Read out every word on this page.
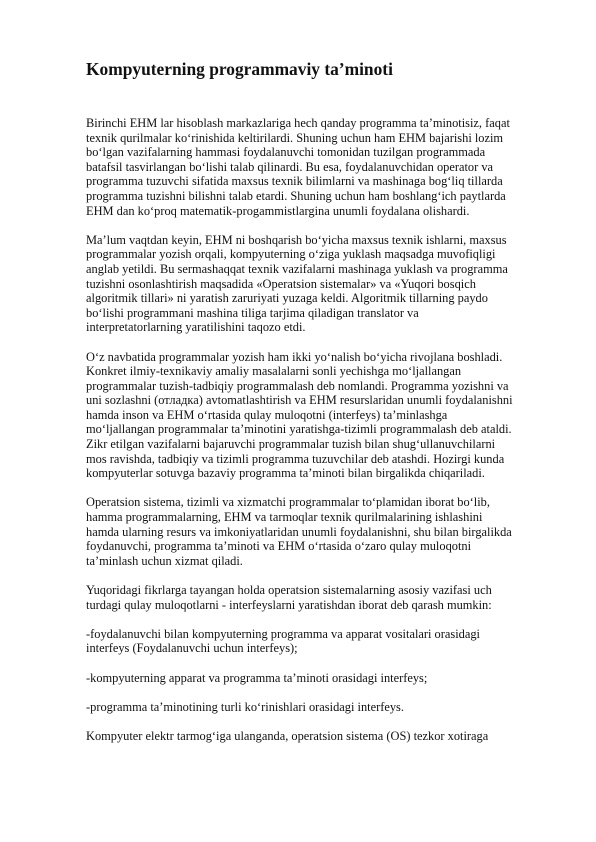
Kompyuterning programmaviy ta’minoti
Birinchi EHM lar hisoblash markazlariga hech qanday programma ta’minotisiz, faqat
texnik qurilmalar ko‘rinishida keltirilardi. Shuning uchun ham EHM bajarishi lozim
bo‘lgan vazifalarning hammasi foydalanuvchi tomonidan tuzilgan programmada
batafsil tasvirlangan bo‘lishi talab qilinardi. Bu esa, foydalanuvchidan operator va
programma tuzuvchi sifatida maxsus texnik bilimlarni va mashinaga bog‘liq tillarda
programma tuzishni bilishni talab etardi. Shuning uchun ham boshlang‘ich paytlarda
EHM dan ko‘proq matematik-progammistlargina unumli foydalana olishardi.
Ma’lum vaqtdan keyin, EHM ni boshqarish bo‘yicha maxsus texnik ishlarni, maxsus
programmalar yozish orqali, kompyuterning o‘ziga yuklash maqsadga muvofiqligi
anglab yetildi. Bu sermashaqqat texnik vazifalarni mashinaga yuklash va programma
tuzishni osonlashtirish maqsadida «Operatsion sistemalar» va «Yuqori bosqich
algoritmik tillari» ni yaratish zaruriyati yuzaga keldi. Algoritmik tillarning paydo
bo‘lishi programmani mashina tiliga tarjima qiladigan translator va
interpretatorlarning yaratilishini taqozo etdi.
O‘z navbatida programmalar yozish ham ikki yo‘nalish bo‘yicha rivojlana boshladi.
Konkret ilmiy-texnikaviy amaliy masalalarni sonli yechishga mo‘ljallangan
programmalar tuzish-tadbiqiy programmalash deb nomlandi. Programma yozishni va
uni sozlashni (отладка) avtomatlashtirish va EHM resurslaridan unumli foydalanishni
hamda inson va EHM o‘rtasida qulay muloqotni (interfeys) ta’minlashga
mo‘ljallangan programmalar ta’minotini yaratishga-tizimli programmalash deb ataldi.
Zikr etilgan vazifalarni bajaruvchi programmalar tuzish bilan shug‘ullanuvchilarni
mos ravishda, tadbiqiy va tizimli programma tuzuvchilar deb atashdi. Hozirgi kunda
kompyuterlar sotuvga bazaviy programma ta’minoti bilan birgalikda chiqariladi.
Operatsion sistema, tizimli va xizmatchi programmalar to‘plamidan iborat bo‘lib,
hamma programmalarning, EHM va tarmoqlar texnik qurilmalarining ishlashini
hamda ularning resurs va imkoniyatlaridan unumli foydalanishni, shu bilan birgalikda
foydanuvchi, programma ta’minoti va EHM o‘rtasida o‘zaro qulay muloqotni
ta’minlash uchun xizmat qiladi.
Yuqoridagi fikrlarga tayangan holda operatsion sistemalarning asosiy vazifasi uch
turdagi qulay muloqotlarni - interfeyslarni yaratishdan iborat deb qarash mumkin:
-foydalanuvchi bilan kompyuterning programma va apparat vositalari orasidagi
interfeys (Foydalanuvchi uchun interfeys);
-kompyuterning apparat va programma ta’minoti orasidagi interfeys;
-programma ta’minotining turli ko‘rinishlari orasidagi interfeys.
Kompyuter elektr tarmog‘iga ulanganda, operatsion sistema (OS) tezkor xotiraga
